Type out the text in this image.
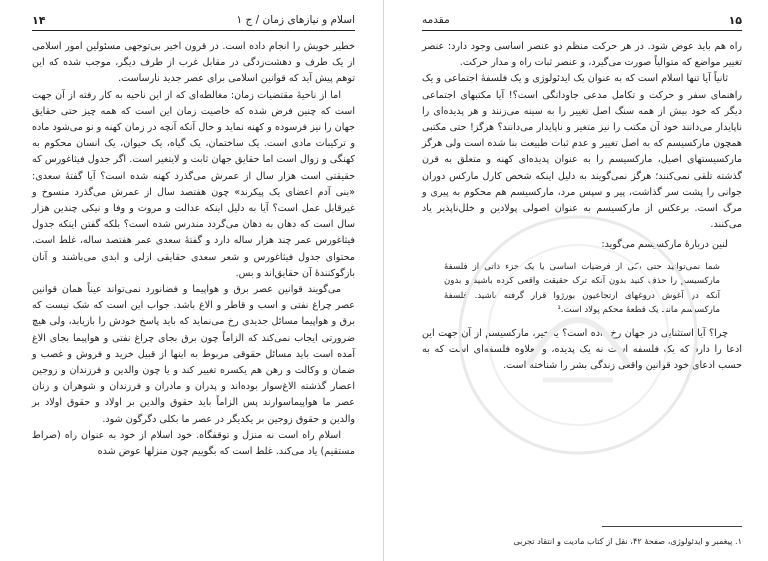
اسلام و نیازهای زمان / ج ۱
۱۴

خطیر خویش را انجام داده است. در قرون اخیر بی‌توجهی مسئولین امور اسلامی از یک طرف و دهشت‌زدگی در مقابل غرب از طرف دیگر، موجب شده که این توهم پیش آید که قوانین اسلامی برای عصر جدید نارساست.

اما از ناحیهٔ مقتضیات زمان: مغالطه‌ای که از این ناحیه به کار رفته از آن جهت است که چنین فرض شده که خاصیت زمان این است که همه چیز حتی حقایق جهان را نیز فرسوده و کهنه نماید و حال آنکه آنچه در زمان کهنه و نو می‌شود ماده و ترکیبات مادی است. یک ساختمان، یک گیاه، یک حیوان، یک انسان محکوم به کهنگی و زوال است اما حقایق جهان ثابت و لایتغیر است. اگر جدول فیثاغورس که حقیقتی است هزار سال از عمرش می‌گذرد کهنه شده است؟ آیا گفتهٔ سعدی: «بنی آدم اعضای یک پیکرند» چون هفتصد سال از عمرش می‌گذرد منسوخ و غیرقابل عمل است؟ آیا به دلیل اینکه عدالت و مروت و وفا و نیکی چندین هزار سال است که دهان به دهان می‌گردد مندرس شده است؟ بلکه گفتن اینکه جدول فیثاغورس عمر چند هزار ساله دارد و گفتهٔ سعدی عمر هفتصد ساله، غلط است. محتوای جدول فیثاغورس و شعر سعدی حقایقی ازلی و ابدی می‌باشند و آنان بازگوکنندهٔ آن حقایق‌اند و بس.

می‌گویند قوانین عصر برق و هواپیما و فضانورد نمی‌تواند عیناً همان قوانین عصر چراغ نفتی و اسب و قاطر و الاغ باشد. جواب این است که شک نیست که برق و هواپیما مسائل جدیدی رخ می‌نماید که باید پاسخ خودش را بازیابد، ولی هیچ ضرورتی ایجاب نمی‌کند که الزاماً چون برق بجای چراغ نفتی و هواپیما بجای الاغ آمده است باید مسائل حقوقی مربوط به اینها از قبیل خرید و فروش و غصب و ضمان و وکالت و رهن هم یکسره تغییر کند و یا چون والدین و فرزندان و زوجین اعصار گذشته الاغ‌سوار بوده‌اند و پدران و مادران و فرزندان و شوهران و زنان عصر ما هواپیماسوارند پس الزاماً باید حقوق والدین بر اولاد و حقوق اولاد بر والدین و حقوق زوجین بر یکدیگر در عصر ما بکلی دگرگون شود.

اسلام راه است نه منزل و توقفگاه. خود اسلام از خود به عنوان راه (صراط مستقیم) یاد می‌کند. غلط است که بگوییم چون منزلها عوض شده

۱۵
مقدمه

راه هم باید عوض شود. در هر حرکت منظم دو عنصر اساسی وجود دارد: عنصر تغییر مواضع که متوالیاً صورت می‌گیرد، و عنصر ثبات راه و مدار حرکت.

ثانیاً آیا تنها اسلام است که به عنوان یک ایدئولوژی و یک فلسفهٔ اجتماعی و یک راهنمای سفر و حرکت و تکامل مدعی جاودانگی است؟! آیا مکتبهای اجتماعی دیگر که خود بیش از همه سنگ اصل تغییر را به سینه می‌زنند و هر پدیده‌ای را ناپایدار می‌دانند خود آن مکتب را نیز متغیر و ناپایدار می‌دانند؟ هرگز! حتی مکتبی همچون مارکسیسم که به اصل تغییر و عدم ثبات طبیعت بنا شده است ولی هرگز مارکسیستهای اصیل، مارکسیسم را به عنوان پدیده‌ای کهنه و متعلق به قرن گذشته تلقی نمی‌کنند؛ هرگز نمی‌گویند به دلیل اینکه شخص کارل مارکس دوران جوانی را پشت سر گذاشت، پیر و سپس مرد، مارکسیسم هم محکوم به پیری و مرگ است. برعکس از مارکسیسم به عنوان اصولی پولادین و خلل‌ناپذیر یاد می‌کنند.

لنین دربارهٔ مارکسیسم می‌گوید:

شما نمی‌توانید حتی یکی از فرضیات اساسی یا یک جزء ذاتی از فلسفهٔ مارکسیسم را حذف کنید بدون آنکه ترک حقیقت واقعی کرده باشید و بدون آنکه در آغوش دروغهای ارتجاعیون بورژوا قرار گرفته باشید. فلسفهٔ مارکسیسم مانند یک قطعهٔ محکم پولاد است.¹

چرا؟ آیا استثنایی در جهان رخ داده است؟ یا خیر، مارکسیسم از آن جهت این ادعا را دارد که یک فلسفه است نه یک پدیده، و بعلاوه فلسفه‌ای است که به حسب ادعای خود قوانین واقعی زندگی بشر را شناخته است.

۱. پیغمبر و ایدئولوژی، صفحهٔ ۴۲، نقل از کتاب مادیت و انتقاد تجربی
